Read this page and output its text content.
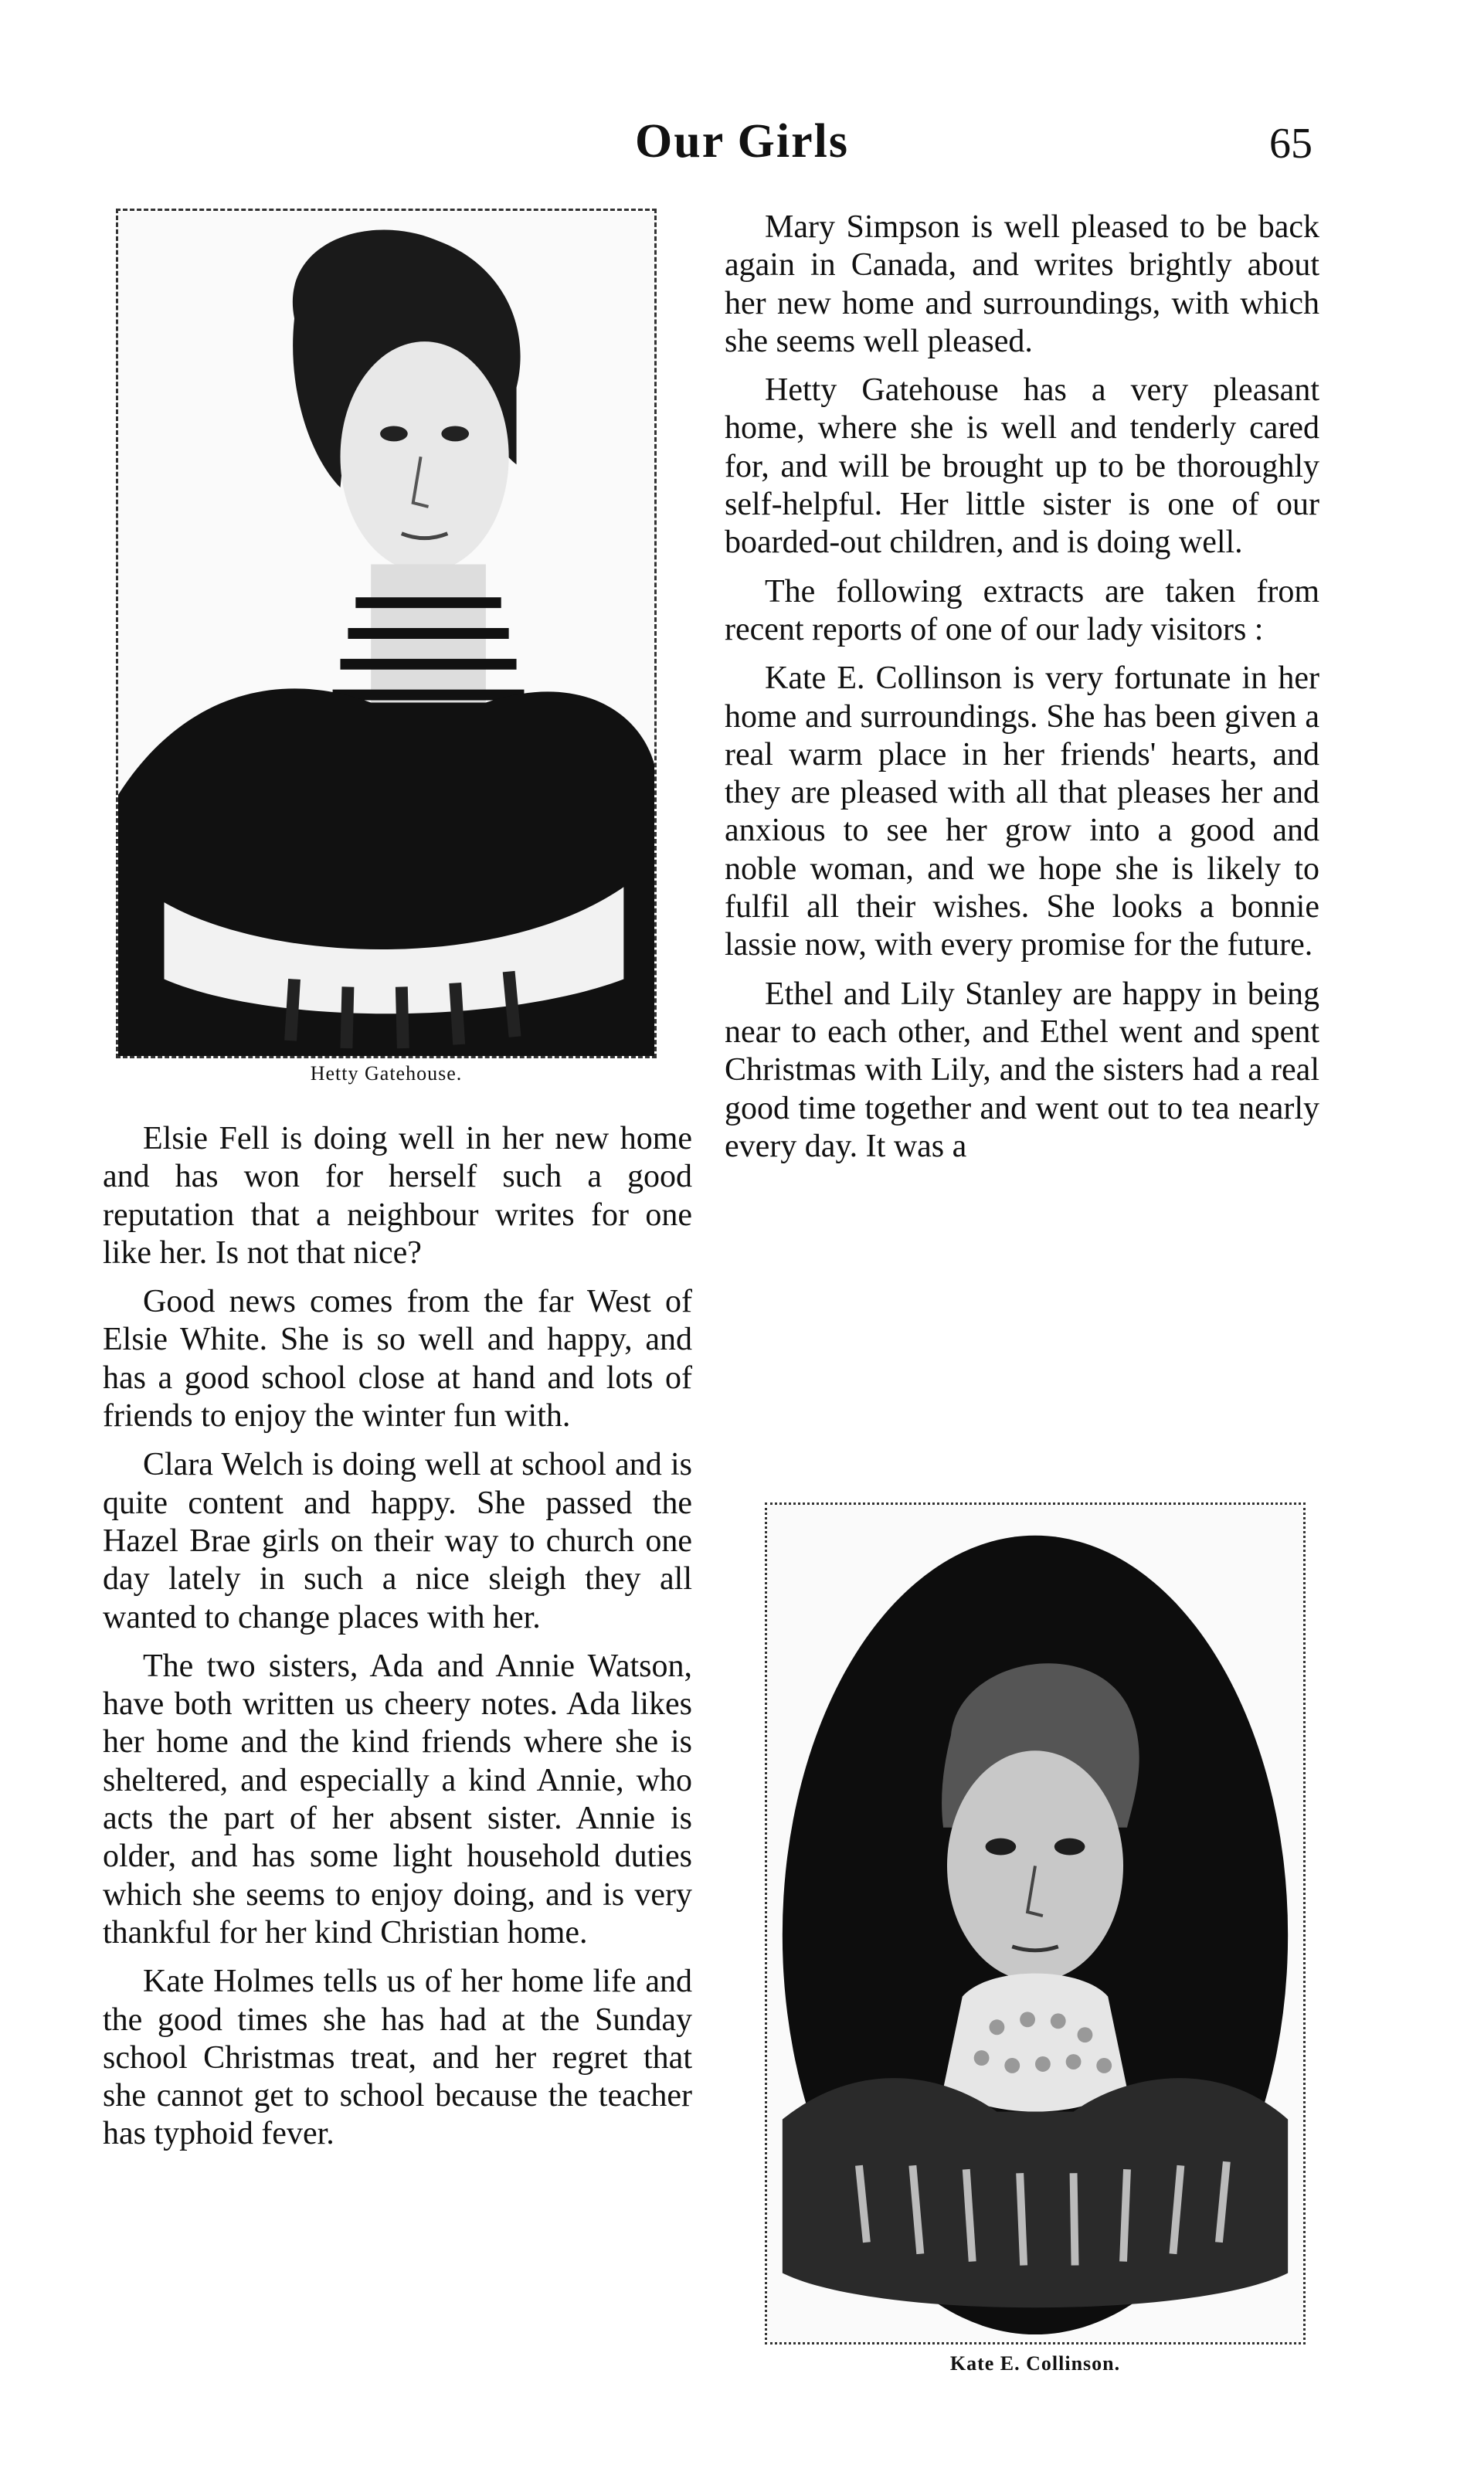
Our Girls	65
Hetty Gatehouse.

Elsie Fell is doing well in her new home and has won for herself such a good reputation that a neighbour writes for one like her. Is not that nice?

Good news comes from the far West of Elsie White. She is so well and happy, and has a good school close at hand and lots of friends to enjoy the winter fun with.

Clara Welch is doing well at school and is quite content and happy. She passed the Hazel Brae girls on their way to church one day lately in such a nice sleigh they all wanted to change places with her.

The two sisters, Ada and Annie Watson, have both written us cheery notes. Ada likes her home and the kind friends where she is sheltered, and especially a kind Annie, who acts the part of her absent sister. Annie is older, and has some light household duties which she seems to enjoy doing, and is very thankful for her kind Christian home.

Kate Holmes tells us of her home life and the good times she has had at the Sunday school Christmas treat, and her regret that she cannot get to school because the teacher has typhoid fever.

Mary Simpson is well pleased to be back again in Canada, and writes brightly about her new home and surroundings, with which she seems well pleased.

Hetty Gatehouse has a very pleasant home, where she is well and tenderly cared for, and will be brought up to be thoroughly self-helpful. Her little sister is one of our boarded-out children, and is doing well.

The following extracts are taken from recent reports of one of our lady visitors :

Kate E. Collinson is very fortunate in her home and surroundings. She has been given a real warm place in her friends' hearts, and they are pleased with all that pleases her and anxious to see her grow into a good and noble woman, and we hope she is likely to fulfil all their wishes. She looks a bonnie lassie now, with every promise for the future.

Ethel and Lily Stanley are happy in being near to each other, and Ethel went and spent Christmas with Lily, and the sisters had a real good time together and went out to tea nearly every day. It was a

Kate E. Collinson.
